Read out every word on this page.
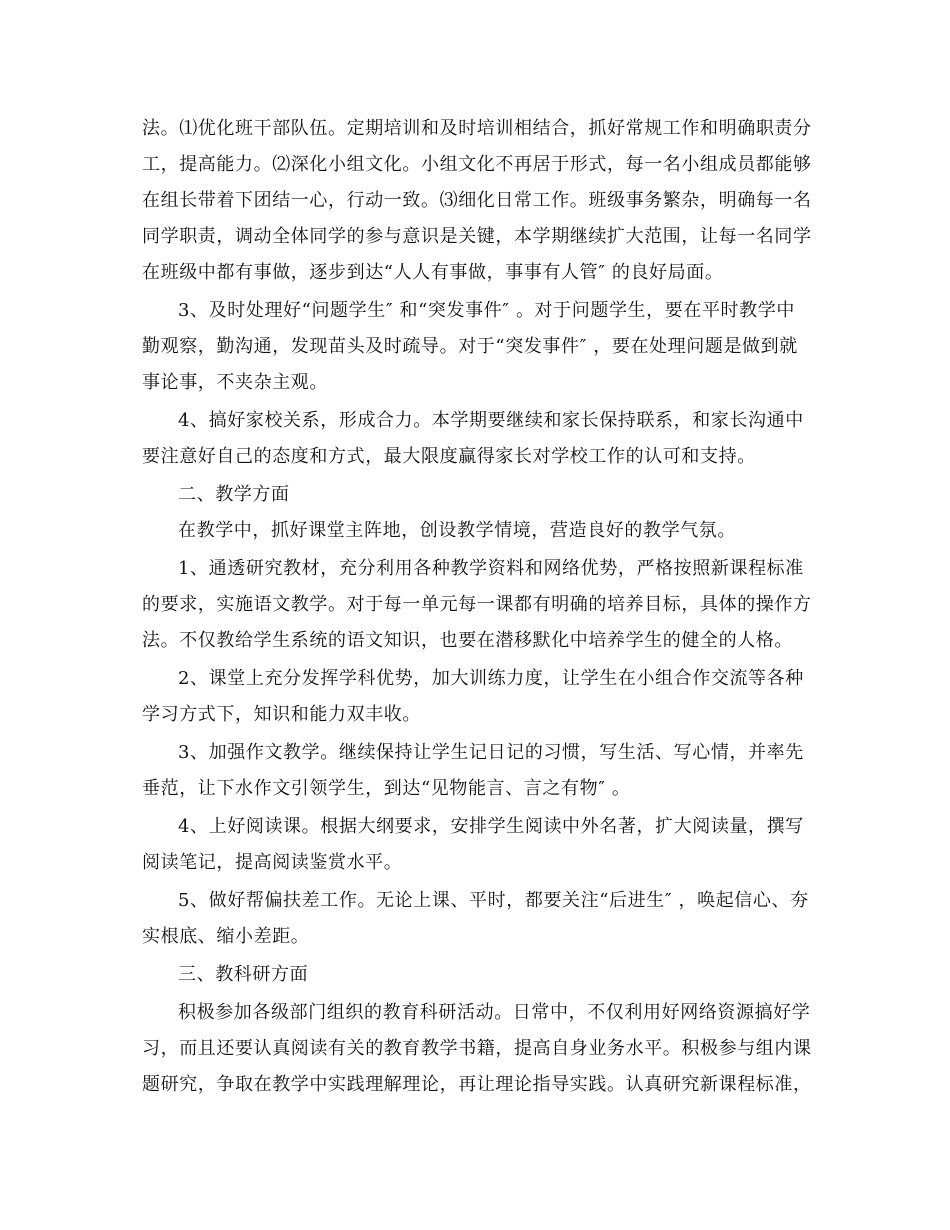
法。⑴优化班干部队伍。定期培训和及时培训相结合，抓好常规工作和明确职责分
工，提高能力。⑵深化小组文化。小组文化不再居于形式，每一名小组成员都能够
在组长带着下团结一心，行动一致。⑶细化日常工作。班级事务繁杂，明确每一名
同学职责，调动全体同学的参与意识是关键，本学期继续扩大范围，让每一名同学
在班级中都有事做，逐步到达“人人有事做，事事有人管″ 的良好局面。
3、及时处理好“问题学生″ 和“突发事件″ 。对于问题学生，要在平时教学中
勤观察，勤沟通，发现苗头及时疏导。对于“突发事件″ ，要在处理问题是做到就
事论事，不夹杂主观。
4、搞好家校关系，形成合力。本学期要继续和家长保持联系，和家长沟通中
要注意好自己的态度和方式，最大限度赢得家长对学校工作的认可和支持。
二、教学方面
在教学中，抓好课堂主阵地，创设教学情境，营造良好的教学气氛。
1、通透研究教材，充分利用各种教学资料和网络优势，严格按照新课程标准
的要求，实施语文教学。对于每一单元每一课都有明确的培养目标，具体的操作方
法。不仅教给学生系统的语文知识，也要在潜移默化中培养学生的健全的人格。
2、课堂上充分发挥学科优势，加大训练力度，让学生在小组合作交流等各种
学习方式下，知识和能力双丰收。
3、加强作文教学。继续保持让学生记日记的习惯，写生活、写心情，并率先
垂范，让下水作文引领学生，到达“见物能言、言之有物″ 。
4、上好阅读课。根据大纲要求，安排学生阅读中外名著，扩大阅读量，撰写
阅读笔记，提高阅读鉴赏水平。
5、做好帮偏扶差工作。无论上课、平时，都要关注“后进生″ ，唤起信心、夯
实根底、缩小差距。
三、教科研方面
积极参加各级部门组织的教育科研活动。日常中，不仅利用好网络资源搞好学
习，而且还要认真阅读有关的教育教学书籍，提高自身业务水平。积极参与组内课
题研究，争取在教学中实践理解理论，再让理论指导实践。认真研究新课程标准，
